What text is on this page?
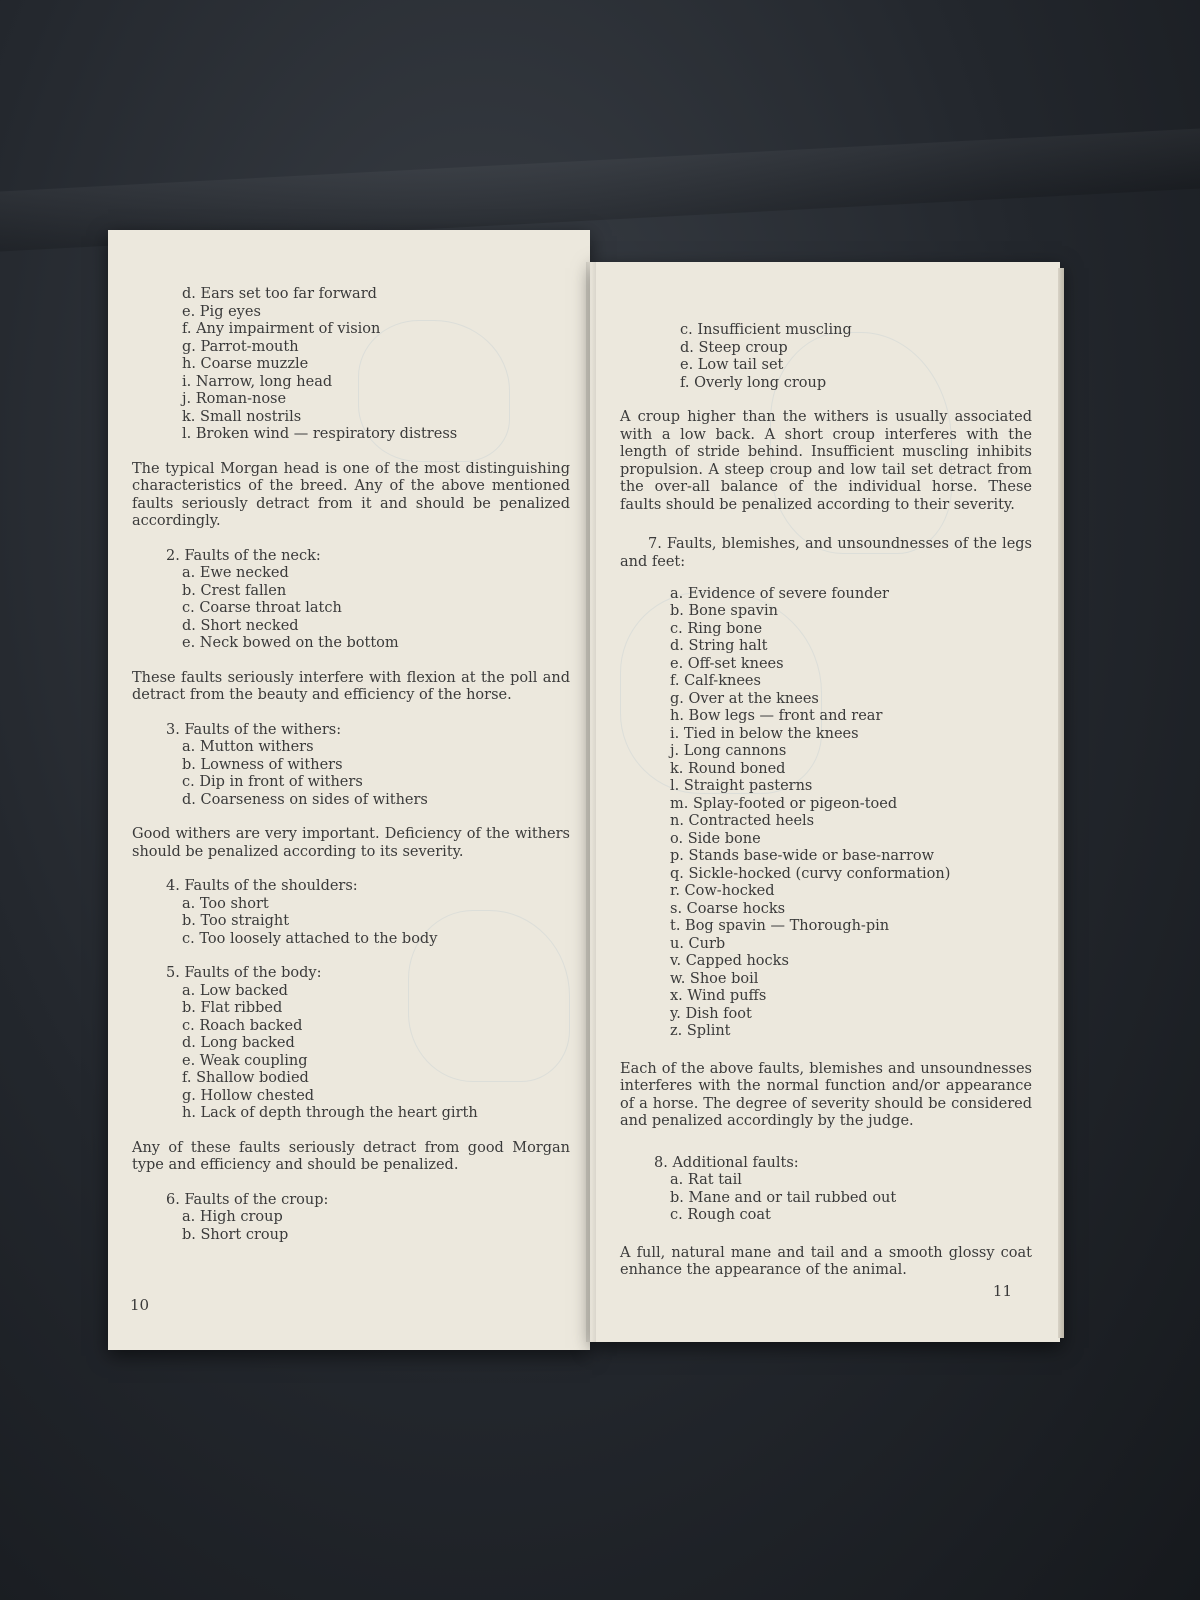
d. Ears set too far forward
e. Pig eyes
f. Any impairment of vision
g. Parrot-mouth
h. Coarse muzzle
i. Narrow, long head
j. Roman-nose
k. Small nostrils
l. Broken wind — respiratory distress

The typical Morgan head is one of the most distinguishing characteristics of the breed. Any of the above mentioned faults seriously detract from it and should be penalized accordingly.

2. Faults of the neck:
a. Ewe necked
b. Crest fallen
c. Coarse throat latch
d. Short necked
e. Neck bowed on the bottom

These faults seriously interfere with flexion at the poll and detract from the beauty and efficiency of the horse.

3. Faults of the withers:
a. Mutton withers
b. Lowness of withers
c. Dip in front of withers
d. Coarseness on sides of withers

Good withers are very important. Deficiency of the withers should be penalized according to its severity.

4. Faults of the shoulders:
a. Too short
b. Too straight
c. Too loosely attached to the body
5. Faults of the body:
a. Low backed
b. Flat ribbed
c. Roach backed
d. Long backed
e. Weak coupling
f. Shallow bodied
g. Hollow chested
h. Lack of depth through the heart girth

Any of these faults seriously detract from good Morgan type and efficiency and should be penalized.

6. Faults of the croup:
a. High croup
b. Short croup
10
c. Insufficient muscling
d. Steep croup
e. Low tail set
f. Overly long croup

A croup higher than the withers is usually associated with a low back. A short croup interferes with the length of stride behind. Insufficient muscling inhibits propulsion. A steep croup and low tail set detract from the over-all balance of the individual horse. These faults should be penalized according to their severity.

7. Faults, blemishes, and unsoundnesses of the legs and feet:

a. Evidence of severe founder
b. Bone spavin
c. Ring bone
d. String halt
e. Off-set knees
f. Calf-knees
g. Over at the knees
h. Bow legs — front and rear
i. Tied in below the knees
j. Long cannons
k. Round boned
l. Straight pasterns
m. Splay-footed or pigeon-toed
n. Contracted heels
o. Side bone
p. Stands base-wide or base-narrow
q. Sickle-hocked (curvy conformation)
r. Cow-hocked
s. Coarse hocks
t. Bog spavin — Thorough-pin
u. Curb
v. Capped hocks
w. Shoe boil
x. Wind puffs
y. Dish foot
z. Splint

Each of the above faults, blemishes and unsoundnesses interferes with the normal function and/or appearance of a horse. The degree of severity should be considered and penalized accordingly by the judge.

8. Additional faults:
a. Rat tail
b. Mane and or tail rubbed out
c. Rough coat

A full, natural mane and tail and a smooth glossy coat enhance the appearance of the animal.

11
